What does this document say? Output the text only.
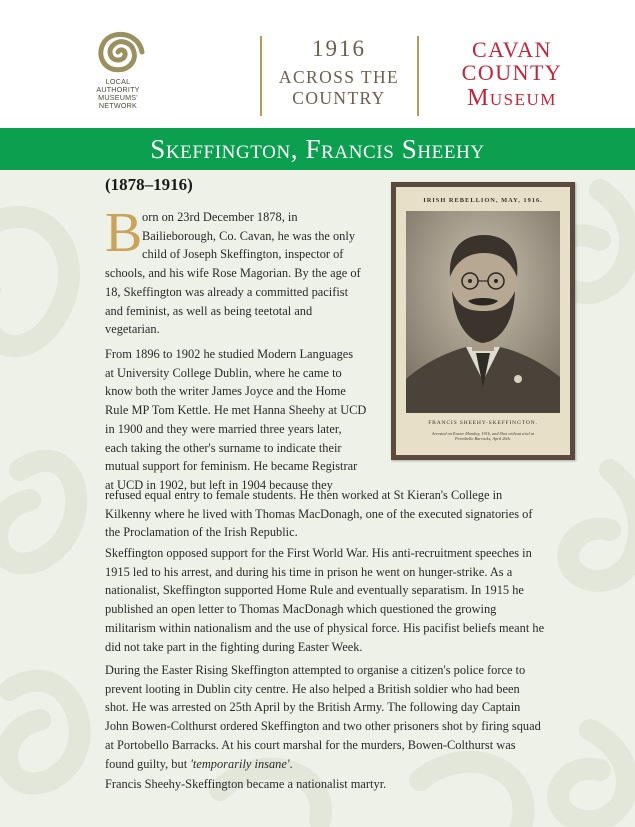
LOCAL
AUTHORITY
MUSEUMS'
NETWORK
1916
ACROSS THE
COUNTRY
CAVAN
COUNTY
Museum
Skeffington, Francis Sheehy
(1878–1916)
IRISH REBELLION, MAY, 1916.
FRANCIS SHEEHY-SKEFFINGTON.
Arrested on Easter Monday, 1916, and Shot without trial at
Portobello Barracks, April 26th.
B orn on 23rd December 1878, in
Bailieborough, Co. Cavan, he was the only
child of Joseph Skeffington, inspector of
schools, and his wife Rose Magorian. By the age of
18, Skeffington was already a committed pacifist
and feminist, as well as being teetotal and
vegetarian.
From 1896 to 1902 he studied Modern Languages
at University College Dublin, where he came to
know both the writer James Joyce and the Home
Rule MP Tom Kettle. He met Hanna Sheehy at UCD
in 1900 and they were married three years later,
each taking the other's surname to indicate their
mutual support for feminism. He became Registrar
at UCD in 1902, but left in 1904 because they
refused equal entry to female students. He then worked at St Kieran's College in
Kilkenny where he lived with Thomas MacDonagh, one of the executed signatories of
the Proclamation of the Irish Republic.
Skeffington opposed support for the First World War. His anti-recruitment speeches in
1915 led to his arrest, and during his time in prison he went on hunger-strike. As a
nationalist, Skeffington supported Home Rule and eventually separatism. In 1915 he
published an open letter to Thomas MacDonagh which questioned the growing
militarism within nationalism and the use of physical force. His pacifist beliefs meant he
did not take part in the fighting during Easter Week.
During the Easter Rising Skeffington attempted to organise a citizen's police force to
prevent looting in Dublin city centre. He also helped a British soldier who had been
shot. He was arrested on 25th April by the British Army. The following day Captain
John Bowen-Colthurst ordered Skeffington and two other prisoners shot by firing squad
at Portobello Barracks. At his court marshal for the murders, Bowen-Colthurst was
found guilty, but 'temporarily insane'.
Francis Sheehy-Skeffington became a nationalist martyr.
